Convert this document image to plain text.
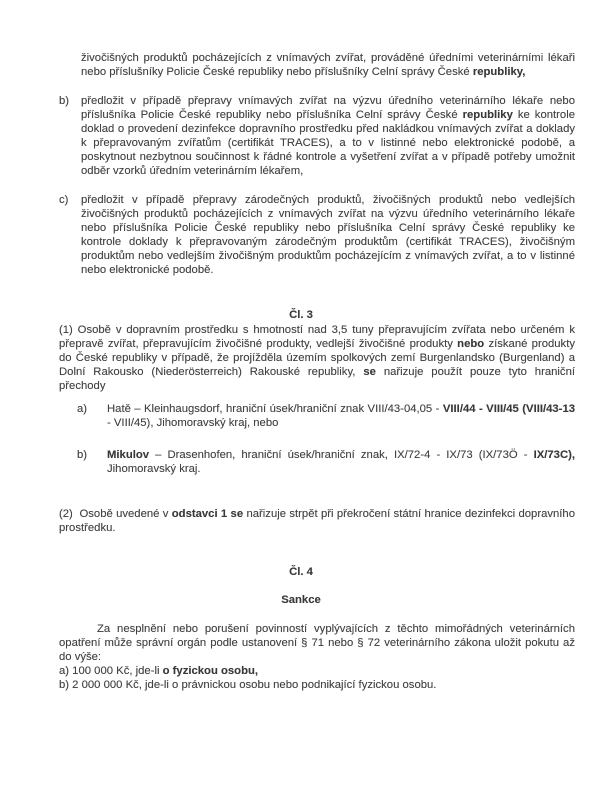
živočišných produktů pocházejících z vnímavých zvířat, prováděné úředními veterinárními lékaři nebo příslušníky Policie České republiky nebo příslušníky Celní správy České republiky,

b)	předložit v případě přepravy vnímavých zvířat na výzvu úředního veterinárního lékaře nebo příslušníka Policie České republiky nebo příslušníka Celní správy České republiky ke kontrole doklad o provedení dezinfekce dopravního prostředku před nakládkou vnímavých zvířat a doklady k přepravovaným zvířatům (certifikát TRACES), a to v listinné nebo elektronické podobě, a poskytnout nezbytnou součinnost k řádné kontrole a vyšetření zvířat a v případě potřeby umožnit odběr vzorků úředním veterinárním lékařem,
c)	předložit v případě přepravy zárodečných produktů, živočišných produktů nebo vedlejších živočišných produktů pocházejících z vnímavých zvířat na výzvu úředního veterinárního lékaře nebo příslušníka Policie České republiky nebo příslušníka Celní správy České republiky ke kontrole doklady k přepravovaným zárodečným produktům (certifikát TRACES), živočišným produktům nebo vedlejším živočišným produktům pocházejícím z vnímavých zvířat, a to v listinné nebo elektronické podobě.

Čl. 3

(1) Osobě v dopravním prostředku s hmotností nad 3,5 tuny přepravujícím zvířata nebo určeném k přepravě zvířat, přepravujícím živočišné produkty, vedlejší živočišné produkty nebo získané produkty do České republiky v případě, že projížděla územím spolkových zemí Burgenlandsko (Burgenland) a Dolní Rakousko (Niederösterreich) Rakouské republiky, se nařizuje použít pouze tyto hraniční přechody

a)	Hatě – Kleinhaugsdorf, hraniční úsek/hraniční znak VIII/43-04,05 - VIII/44 - VIII/45 (VIII/43-13 - VIII/45), Jihomoravský kraj, nebo
b)	Mikulov – Drasenhofen, hraniční úsek/hraniční znak, IX/72-4 - IX/73 (IX/73Ö - IX/73C), Jihomoravský kraj.

(2)  Osobě uvedené v odstavci 1 se nařizuje strpět při překročení státní hranice dezinfekci dopravního prostředku.

Čl. 4

Sankce

Za nesplnění nebo porušení povinností vyplývajících z těchto mimořádných veterinárních opatření může správní orgán podle ustanovení § 71 nebo § 72 veterinárního zákona uložit pokutu až do výše:

a) 100 000 Kč, jde-li o fyzickou osobu,

b) 2 000 000 Kč, jde-li o právnickou osobu nebo podnikající fyzickou osobu.
